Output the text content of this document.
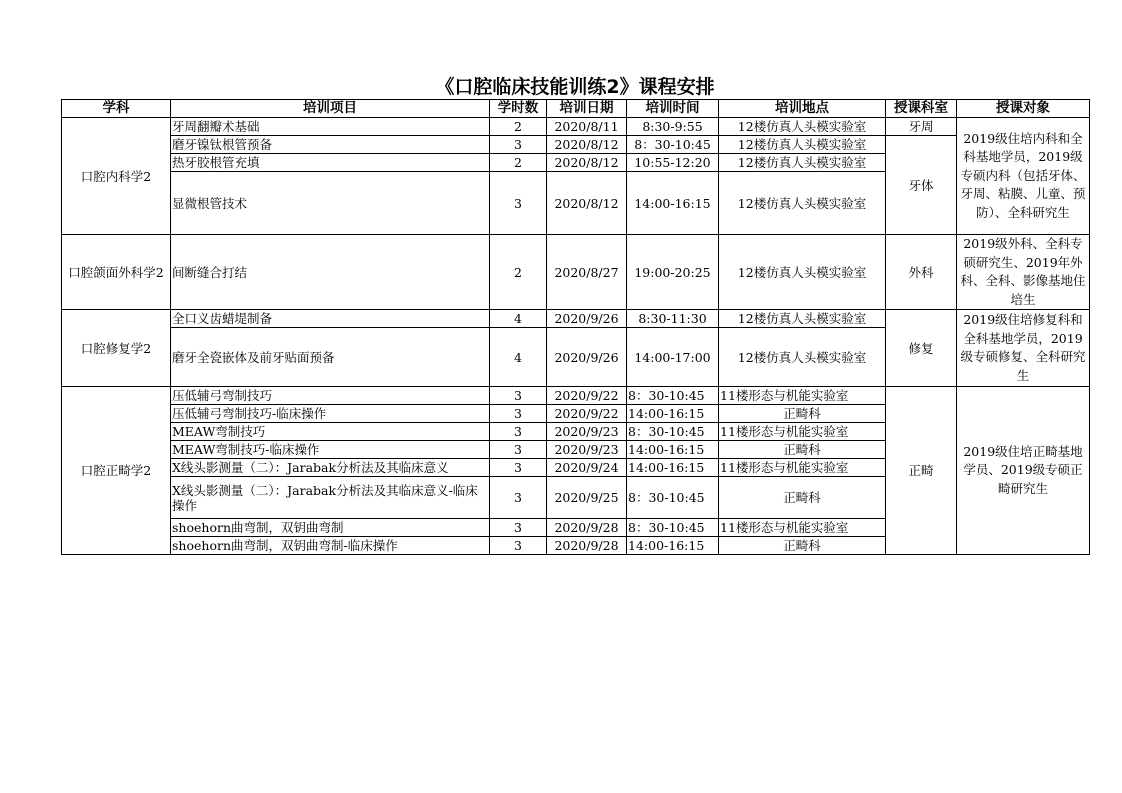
《口腔临床技能训练2》课程安排
学科	培训项目	学时数	培训日期	培训时间	培训地点	授课科室	授课对象
口腔内科学2	牙周翻瓣术基础	2	2020/8/11	8:30-9:55	12楼仿真人头模实验室	牙周	2019级住培内科和全科基地学员，2019级专硕内科（包括牙体、牙周、粘膜、儿童、预防）、全科研究生
	磨牙镍钛根管预备	3	2020/8/12	8：30-10:45	12楼仿真人头模实验室	牙体	
	热牙胶根管充填	2	2020/8/12	10:55-12:20	12楼仿真人头模实验室		
	显微根管技术	3	2020/8/12	14:00-16:15	12楼仿真人头模实验室		
口腔颌面外科学2	间断缝合打结	2	2020/8/27	19:00-20:25	12楼仿真人头模实验室	外科	2019级外科、全科专硕研究生、2019年外科、全科、影像基地住培生
口腔修复学2	全口义齿蜡堤制备	4	2020/9/26	8:30-11:30	12楼仿真人头模实验室	修复	2019级住培修复科和全科基地学员，2019级专硕修复、全科研究生
	磨牙全瓷嵌体及前牙贴面预备	4	2020/9/26	14:00-17:00	12楼仿真人头模实验室		
口腔正畸学2	压低辅弓弯制技巧	3	2020/9/22	8：30-10:45	11楼形态与机能实验室	正畸	2019级住培正畸基地学员、2019级专硕正畸研究生
	压低辅弓弯制技巧-临床操作	3	2020/9/22	14:00-16:15	正畸科		
	MEAW弯制技巧	3	2020/9/23	8：30-10:45	11楼形态与机能实验室		
	MEAW弯制技巧-临床操作	3	2020/9/23	14:00-16:15	正畸科		
	X线头影测量（二）：Jarabak分析法及其临床意义	3	2020/9/24	14:00-16:15	11楼形态与机能实验室		
	X线头影测量（二）：Jarabak分析法及其临床意义-临床操作	3	2020/9/25	8：30-10:45	正畸科		
	shoehorn曲弯制，双钥曲弯制	3	2020/9/28	8：30-10:45	11楼形态与机能实验室		
	shoehorn曲弯制，双钥曲弯制-临床操作	3	2020/9/28	14:00-16:15	正畸科		
